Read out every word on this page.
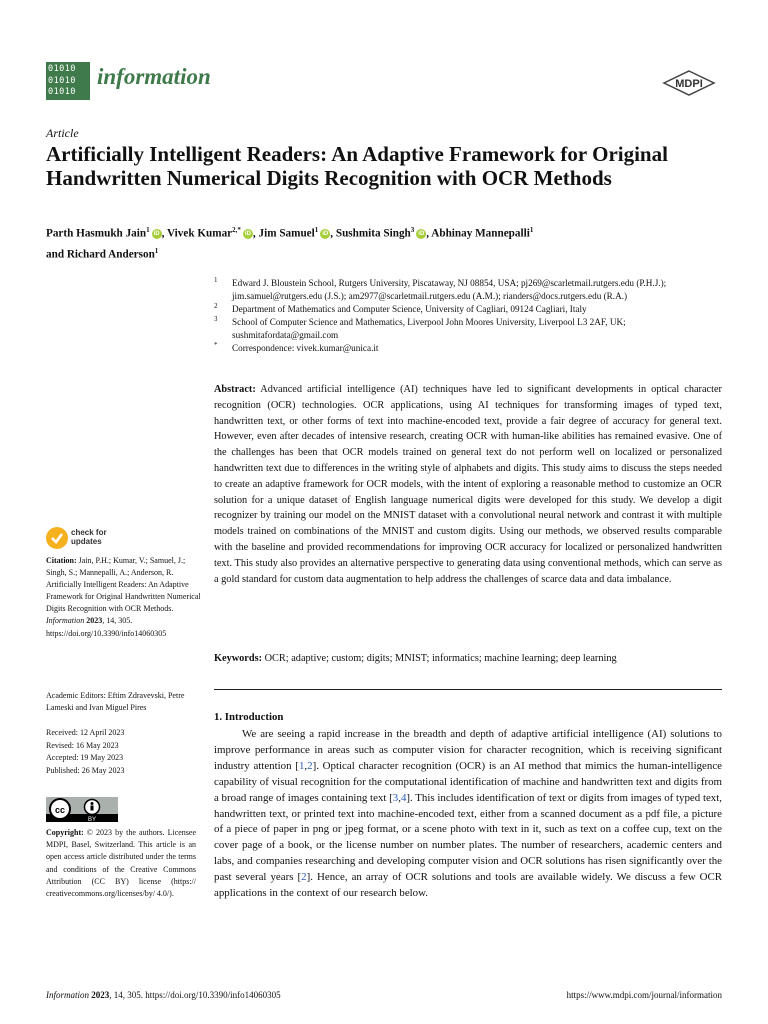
01010
01010
01010
information	MDPI
Article
Artificially Intelligent Readers: An Adaptive Framework for Original Handwritten Numerical Digits Recognition with OCR Methods
Parth Hasmukh Jain$^1$iD , Vivek Kumar$^{2,*}$iD , Jim Samuel$^1$iD , Sushmita Singh$^3$iD , Abhinay Mannepalli$^1$
and Richard Anderson$^1$
1 Edward J. Bloustein School, Rutgers University, Piscataway, NJ 08854, USA; pj269@scarletmail.rutgers.edu (P.H.J.); jim.samuel@rutgers.edu (J.S.); am2977@scarletmail.rutgers.edu (A.M.); rianders@docs.rutgers.edu (R.A.)
2 Department of Mathematics and Computer Science, University of Cagliari, 09124 Cagliari, Italy
3 School of Computer Science and Mathematics, Liverpool John Moores University, Liverpool L3 2AF, UK; sushmitafordata@gmail.com
* Correspondence: vivek.kumar@unica.it
Abstract: Advanced artificial intelligence (AI) techniques have led to significant developments in optical character recognition (OCR) technologies. OCR applications, using AI techniques for transforming images of typed text, handwritten text, or other forms of text into machine-encoded text, provide a fair degree of accuracy for general text. However, even after decades of intensive research, creating OCR with human-like abilities has remained evasive. One of the challenges has been that OCR models trained on general text do not perform well on localized or personalized handwritten text due to differences in the writing style of alphabets and digits. This study aims to discuss the steps needed to create an adaptive framework for OCR models, with the intent of exploring a reasonable method to customize an OCR solution for a unique dataset of English language numerical digits were developed for this study. We develop a digit recognizer by training our model on the MNIST dataset with a convolutional neural network and contrast it with multiple models trained on combinations of the MNIST and custom digits. Using our methods, we observed results comparable with the baseline and provided recommendations for improving OCR accuracy for localized or personalized handwritten text. This study also provides an alternative perspective to generating data using conventional methods, which can serve as a gold standard for custom data augmentation to help address the challenges of scarce data and data imbalance.
Keywords: OCR; adaptive; custom; digits; MNIST; informatics; machine learning; deep learning
check for
updates
Citation: Jain, P.H.; Kumar, V.; Samuel, J.; Singh, S.; Mannepalli, A.; Anderson, R. Artificially Intelligent Readers: An Adaptive Framework for Original Handwritten Numerical Digits Recognition with OCR Methods. Information 2023, 14, 305. https://doi.org/10.3390/info14060305
Academic Editors: Eftim Zdravevski, Petre Lameski and Ivan Miguel Pires
Received: 12 April 2023
Revised: 16 May 2023
Accepted: 19 May 2023
Published: 26 May 2023
cc
BY
Copyright: © 2023 by the authors. Licensee MDPI, Basel, Switzerland. This article is an open access article distributed under the terms and conditions of the Creative Commons Attribution (CC BY) license (https:// creativecommons.org/licenses/by/ 4.0/).
1. Introduction
We are seeing a rapid increase in the breadth and depth of adaptive artificial intelligence (AI) solutions to improve performance in areas such as computer vision for character recognition, which is receiving significant industry attention [1,2]. Optical character recognition (OCR) is an AI method that mimics the human-intelligence capability of visual recognition for the computational identification of machine and handwritten text and digits from a broad range of images containing text [3,4]. This includes identification of text or digits from images of typed text, handwritten text, or printed text into machine-encoded text, either from a scanned document as a pdf file, a picture of a piece of paper in png or jpeg format, or a scene photo with text in it, such as text on a coffee cup, text on the cover page of a book, or the license number on number plates. The number of researchers, academic centers and labs, and companies researching and developing computer vision and OCR solutions has risen significantly over the past several years [2]. Hence, an array of OCR solutions and tools are available widely. We discuss a few OCR applications in the context of our research below.
Information 2023, 14, 305. https://doi.org/10.3390/info14060305	https://www.mdpi.com/journal/information
